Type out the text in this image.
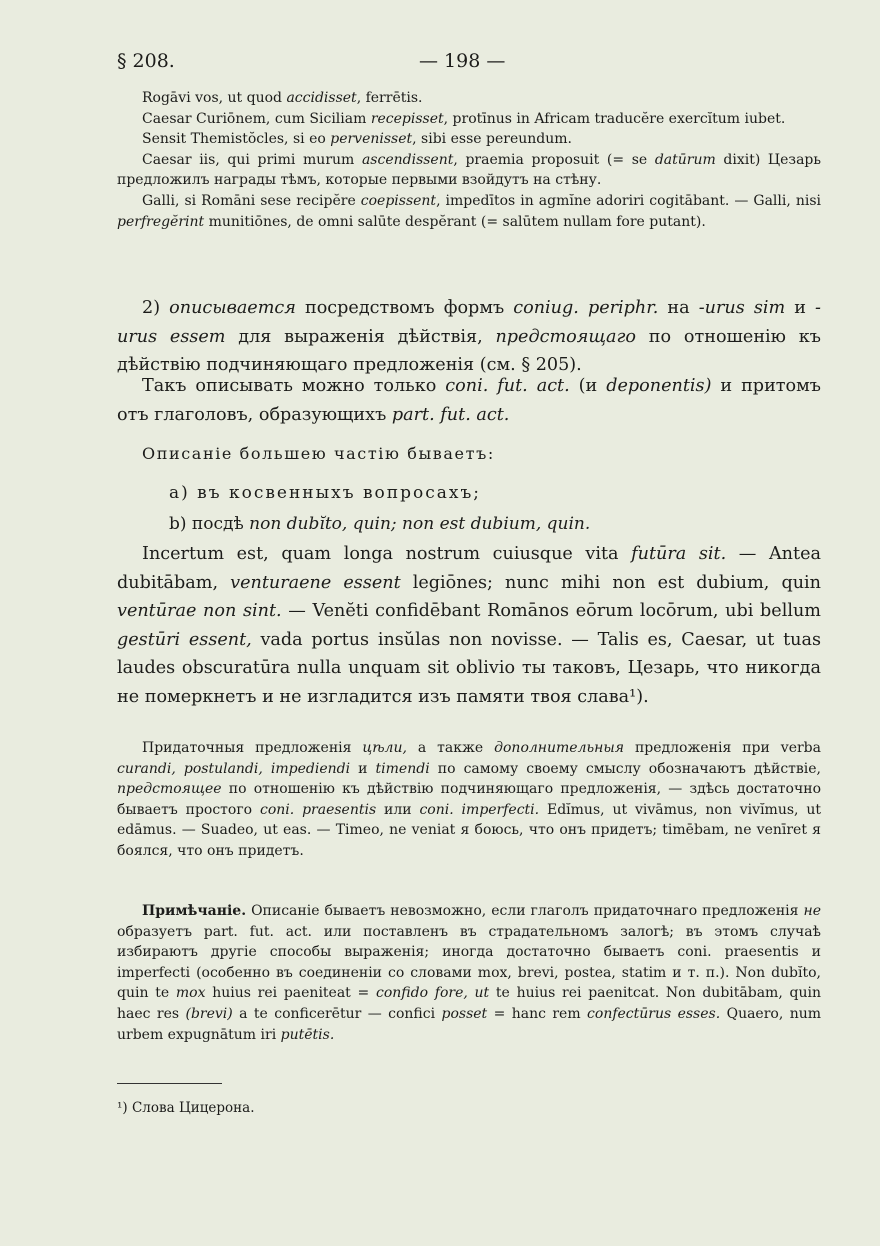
§ 208.	— 198 —

Rogāvi vos, ut quod accidisset, ferrētis.

Caesar Curiōnem, cum Siciliam recepisset, protīnus in Africam traducĕre exercĭtum iubet.

Sensit Themistŏcles, si eo pervenisset, sibi esse pereundum.

Caesar iis, qui primi murum ascendissent, praemia proposuit (= se datūrum dixit) Цезарь предложилъ награды тѣмъ, которые первыми взойдутъ на стѣну.

Galli, si Romāni sese recipĕre coepissent, impedītos in agmĭne adoriri cogitābant. — Galli, nisi perfregĕrint munitiōnes, de omni salūte despĕrant (= salūtem nullam fore putant).

2) описывается посредствомъ формъ coniug. periphr. на -urus sim и -urus essem для выраженія дѣйствія, предстоящаго по отношенію къ дѣйствію подчиняющаго предложенія (см. § 205).
Такъ описывать можно только coni. fut. act. (и deponentis) и притомъ отъ глаголовъ, образующихъ part. fut. act.
Описаніе большею частію бываетъ:
a) въ косвенныхъ вопросахъ;
b) посдѣ non dubĭto, quin; non est dubium, quin.
Incertum est, quam longa nostrum cuiusque vita futūra sit. — Antea dubitābam, venturaene essent legiōnes; nunc mihi non est dubium, quin ventūrae non sint. — Venĕti confidēbant Romānos eōrum locōrum, ubi bellum gestūri essent, vada portus insŭlas non novisse. — Talis es, Caesar, ut tuas laudes obscuratūra nulla unquam sit oblivio ты таковъ, Цезарь, что никогда не померкнетъ и не изгладится изъ памяти твоя слава¹).
Придаточныя предложенія цѣли, а также дополнительныя предложенія при verba curandi, postulandi, impediendi и timendi по самому своему смыслу обозначаютъ дѣйствіе, предстоящее по отношенію къ дѣйствію подчиняющаго предложенія, — здѣсь достаточно бываетъ простого coni. praesentis или coni. imperfecti. Edĭmus, ut vivāmus, non vivĭmus, ut edāmus. — Suadeo, ut eas. — Timeo, ne veniat я боюсь, что онъ придетъ; timēbam, ne venīret я боялся, что онъ придетъ.
Примѣчаніе. Описаніе бываетъ невозможно, если глаголъ придаточнаго предложенія не образуетъ part. fut. act. или поставленъ въ страдательномъ залогѣ; въ этомъ случаѣ избираютъ другіе способы выраженія; иногда достаточно бываетъ coni. praesentis и imperfecti (особенно въ соединеніи со словами mox, brevi, postea, statim и т. п.). Non dubĭto, quin te mox huius rei paeniteat = confido fore, ut te huius rei paenitcat. Non dubitābam, quin haec res (brevi) a te conficerētur — confici posset = hanc rem confectūrus esses. Quaero, num urbem expugnātum iri putētis.
¹) Слова Цицерона.
